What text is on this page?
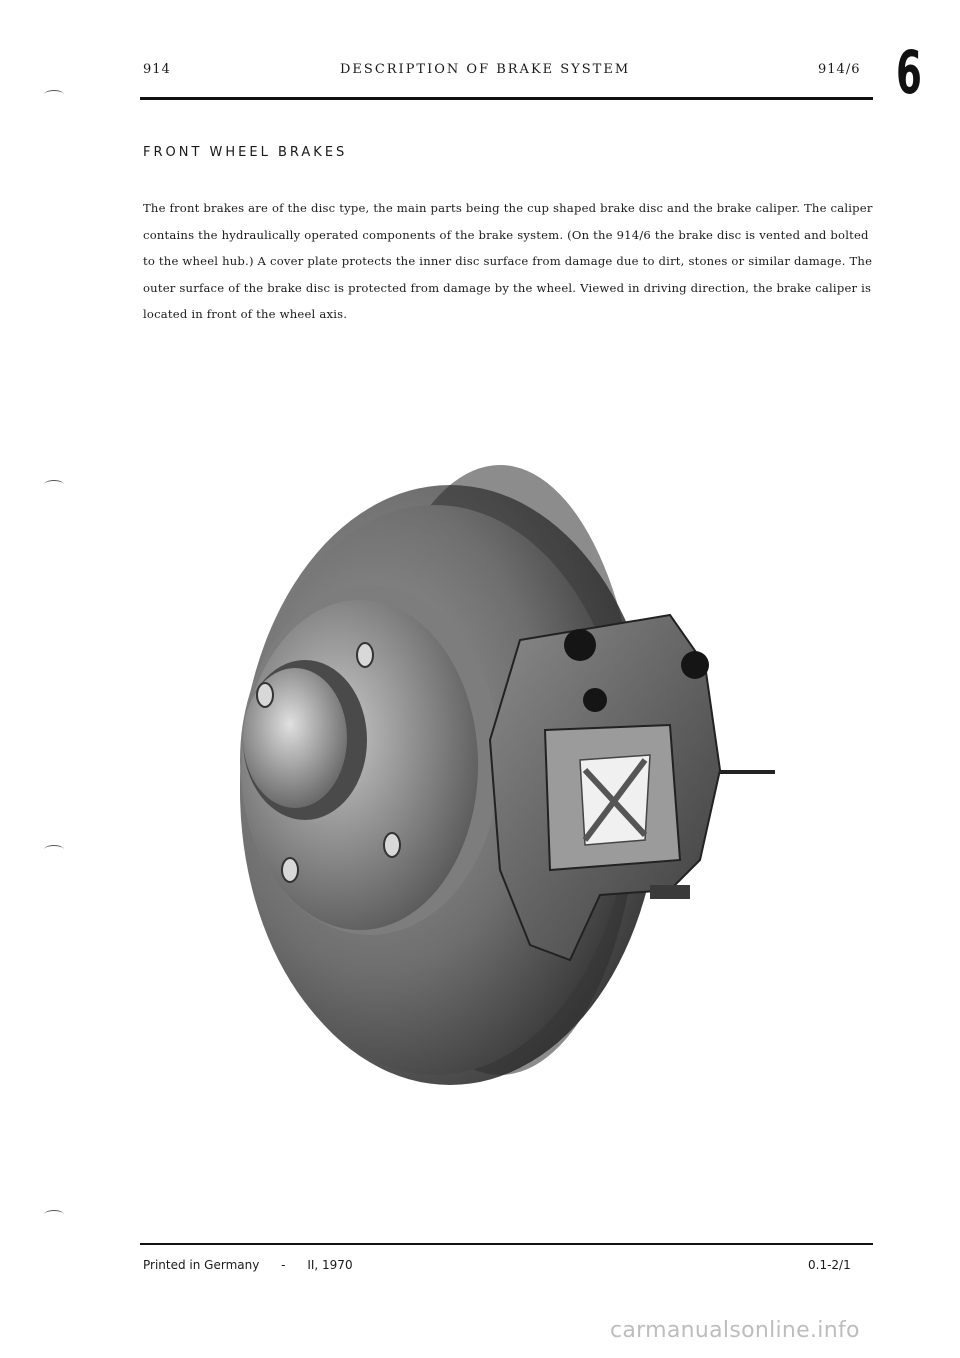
914	DESCRIPTION OF BRAKE SYSTEM	914/6 6
FRONT WHEEL BRAKES
The front brakes are of the disc type, the main parts being the cup shaped brake disc and the brake caliper. The caliper contains the hydraulically operated components of the brake system. (On the 914/6 the brake disc is vented and bolted to the wheel hub.) A cover plate protects the inner disc surface from damage due to dirt, stones or similar damage. The outer surface of the brake disc is protected from damage by the wheel. Viewed in driving direction, the brake caliper is located in front of the wheel axis.
Printed in Germany - II, 1970	0.1-2/1
carmanualsonline.info
